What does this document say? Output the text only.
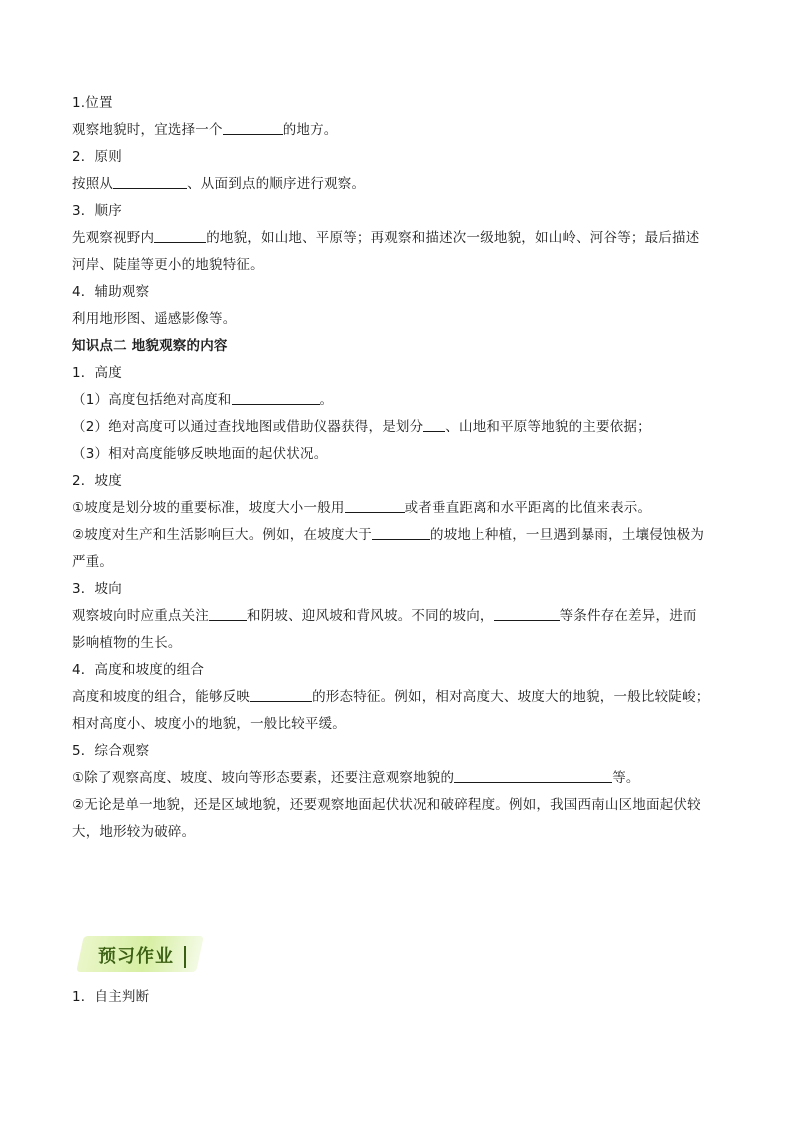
1.位置
观察地貌时，宜选择一个	的地方。
2．原则
按照从	、从面到点的顺序进行观察。
3．顺序
先观察视野内	的地貌，如山地、平原等；再观察和描述次一级地貌，如山岭、河谷等；最后描述
河岸、陡崖等更小的地貌特征。
4．辅助观察
利用地形图、遥感影像等。
知识点二 地貌观察的内容
1．高度
（1）高度包括绝对高度和	。
（2）绝对高度可以通过查找地图或借助仪器获得，是划分 、山地和平原等地貌的主要依据；
（3）相对高度能够反映地面的起伏状况。
2．坡度
①坡度是划分坡的重要标准，坡度大小一般用	或者垂直距离和水平距离的比值来表示。
②坡度对生产和生活影响巨大。例如，在坡度大于	的坡地上种植，一旦遇到暴雨，土壤侵蚀极为
严重。
3．坡向
观察坡向时应重点关注	和阴坡、迎风坡和背风坡。不同的坡向，	等条件存在差异，进而
影响植物的生长。
4．高度和坡度的组合
高度和坡度的组合，能够反映	的形态特征。例如，相对高度大、坡度大的地貌，一般比较陡峻；
相对高度小、坡度小的地貌，一般比较平缓。
5．综合观察
①除了观察高度、坡度、坡向等形态要素，还要注意观察地貌的	等。
②无论是单一地貌，还是区域地貌，还要观察地面起伏状况和破碎程度。例如，我国西南山区地面起伏较
大，地形较为破碎。
预习作业
1．自主判断
